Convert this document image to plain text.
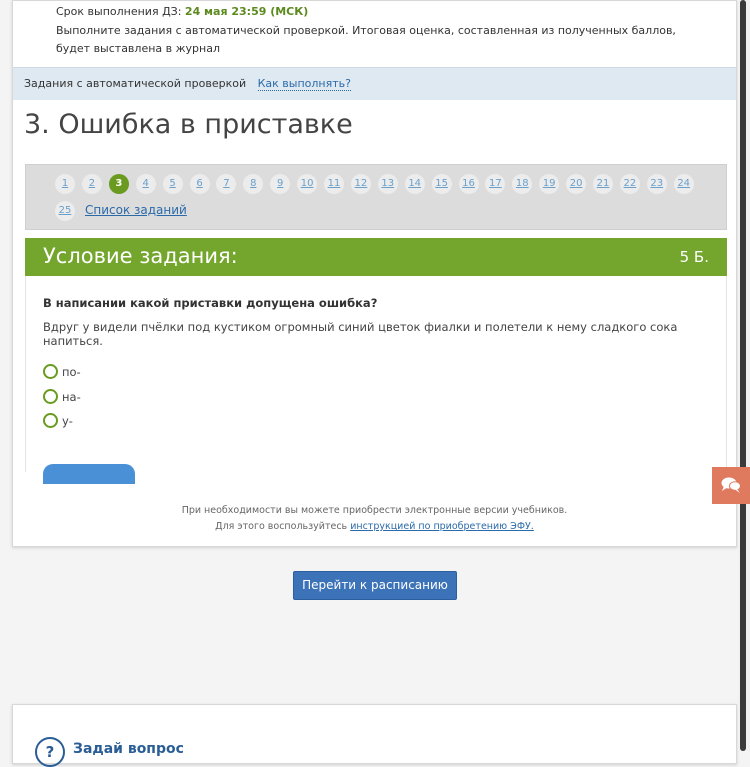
Срок выполнения ДЗ: 24 мая 23:59 (МСК)
Выполните задания с автоматической проверкой. Итоговая оценка, составленная из полученных баллов, будет выставлена в журнал
Задания с автоматической проверкой Как выполнять?
3. Ошибка в приставке
1	2	3	4	5	6	7	8	9	10	11	12	13	14	15	16	17	18	19	20	21	22	23	24
25	Список заданий
Условие задания:	5 Б.
В написании какой приставки допущена ошибка?
Вдруг у видели пчёлки под кустиком огромный синий цветок фиалки и полетели к нему сладкого сока напиться.
по-
на-
у-
При необходимости вы можете приобрести электронные версии учебников.
Для этого воспользуйтесь инструкцией по приобретению ЭФУ.
Перейти к расписанию
?	Задай вопрос
